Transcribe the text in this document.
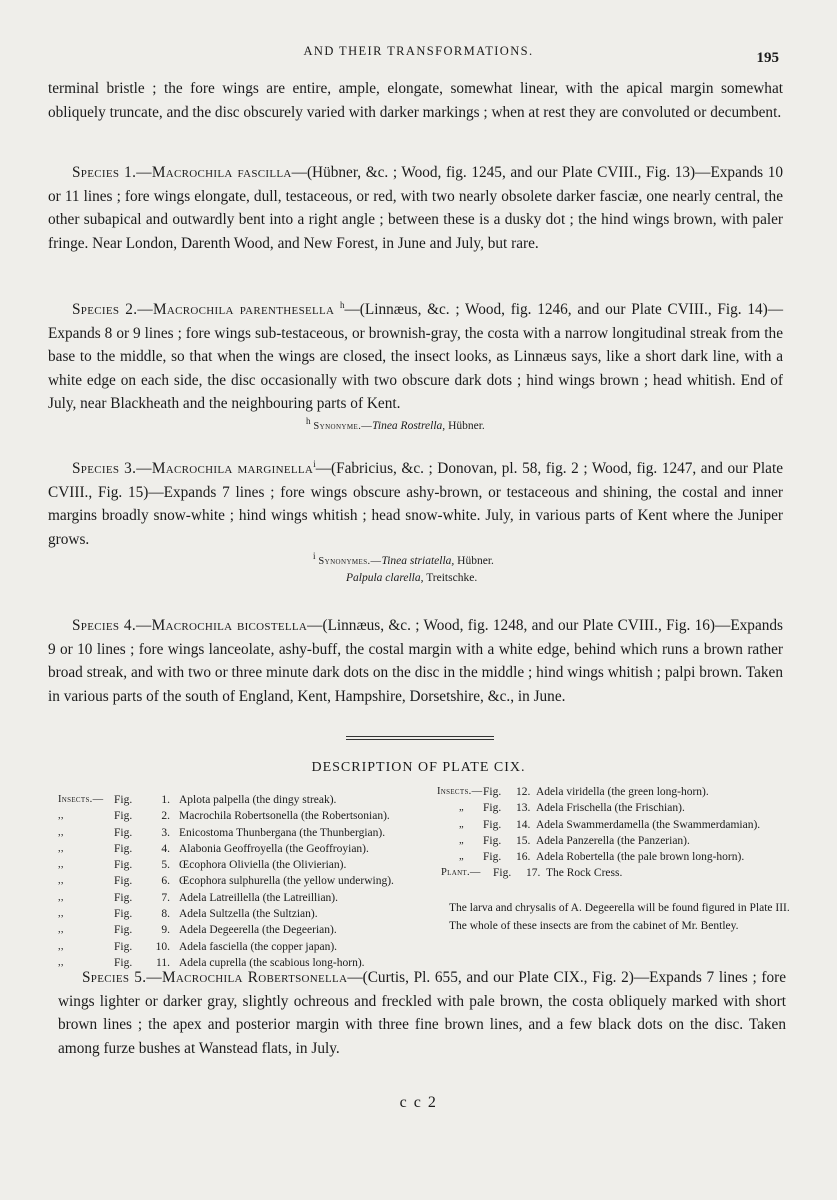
AND THEIR TRANSFORMATIONS.	195
terminal bristle ; the fore wings are entire, ample, elongate, somewhat linear, with the apical margin somewhat obliquely truncate, and the disc obscurely varied with darker markings ; when at rest they are convoluted or decumbent.
Species 1.—Macrochila fascilla—(Hübner, &c. ; Wood, fig. 1245, and our Plate CVIII., Fig. 13)—Expands 10 or 11 lines ; fore wings elongate, dull, testaceous, or red, with two nearly obsolete darker fasciæ, one nearly central, the other subapical and outwardly bent into a right angle ; between these is a dusky dot ; the hind wings brown, with paler fringe. Near London, Darenth Wood, and New Forest, in June and July, but rare.
Species 2.—Macrochila parenthesella $^h$—(Linnæus, &c. ; Wood, fig. 1246, and our Plate CVIII., Fig. 14)—Expands 8 or 9 lines ; fore wings sub-testaceous, or brownish-gray, the costa with a narrow longitudinal streak from the base to the middle, so that when the wings are closed, the insect looks, as Linnæus says, like a short dark line, with a white edge on each side, the disc occasionally with two obscure dark dots ; hind wings brown ; head whitish. End of July, near Blackheath and the neighbouring parts of Kent.
$^h$ Synonyme.—Tinea Rostrella, Hübner.
Species 3.—Macrochila marginella$^i$—(Fabricius, &c. ; Donovan, pl. 58, fig. 2 ; Wood, fig. 1247, and our Plate CVIII., Fig. 15)—Expands 7 lines ; fore wings obscure ashy-brown, or testaceous and shining, the costal and inner margins broadly snow-white ; hind wings whitish ; head snow-white. July, in various parts of Kent where the Juniper grows.
$^i$ Synonymes.—Tinea striatella, Hübner.
Palpula clarella, Treitschke.
Species 4.—Macrochila bicostella—(Linnæus, &c. ; Wood, fig. 1248, and our Plate CVIII., Fig. 16)—Expands 9 or 10 lines ; fore wings lanceolate, ashy-buff, the costal margin with a white edge, behind which runs a brown rather broad streak, and with two or three minute dark dots on the disc in the middle ; hind wings whitish ; palpi brown. Taken in various parts of the south of England, Kent, Hampshire, Dorsetshire, &c., in June.
DESCRIPTION OF PLATE CIX.
Insects.— Fig.	1. Aplota palpella (the dingy streak).
,,	Fig.	2. Macrochila Robertsonella (the Robertsonian).
,,	Fig.	3. Enicostoma Thunbergana (the Thunbergian).
,,	Fig.	4. Alabonia Geoffroyella (the Geoffroyian).
,,	Fig.	5. Œcophora Oliviella (the Olivierian).
,,	Fig.	6. Œcophora sulphurella (the yellow underwing).
,,	Fig.	7. Adela Latreillella (the Latreillian).
,,	Fig.	8. Adela Sultzella (the Sultzian).
,,	Fig.	9. Adela Degeerella (the Degeerian).
,,	Fig.	10. Adela fasciella (the copper japan).
,,	Fig.	11. Adela cuprella (the scabious long-horn).
Insects.— Fig.	12. Adela viridella (the green long-horn).
„	Fig.	13. Adela Frischella (the Frischian).
„	Fig.	14. Adela Swammerdamella (the Swammerdamian).
„	Fig.	15. Adela Panzerella (the Panzerian).
„	Fig.	16. Adela Robertella (the pale brown long-horn).
Plant.—	Fig.	17. The Rock Cress.
The larva and chrysalis of A. Degeerella will be found figured in Plate III.
The whole of these insects are from the cabinet of Mr. Bentley.
Species 5.—Macrochila Robertsonella—(Curtis, Pl. 655, and our Plate CIX., Fig. 2)—Expands 7 lines ; fore wings lighter or darker gray, slightly ochreous and freckled with pale brown, the costa obliquely marked with short brown lines ; the apex and posterior margin with three fine brown lines, and a few black dots on the disc. Taken among furze bushes at Wanstead flats, in July.
c c 2
